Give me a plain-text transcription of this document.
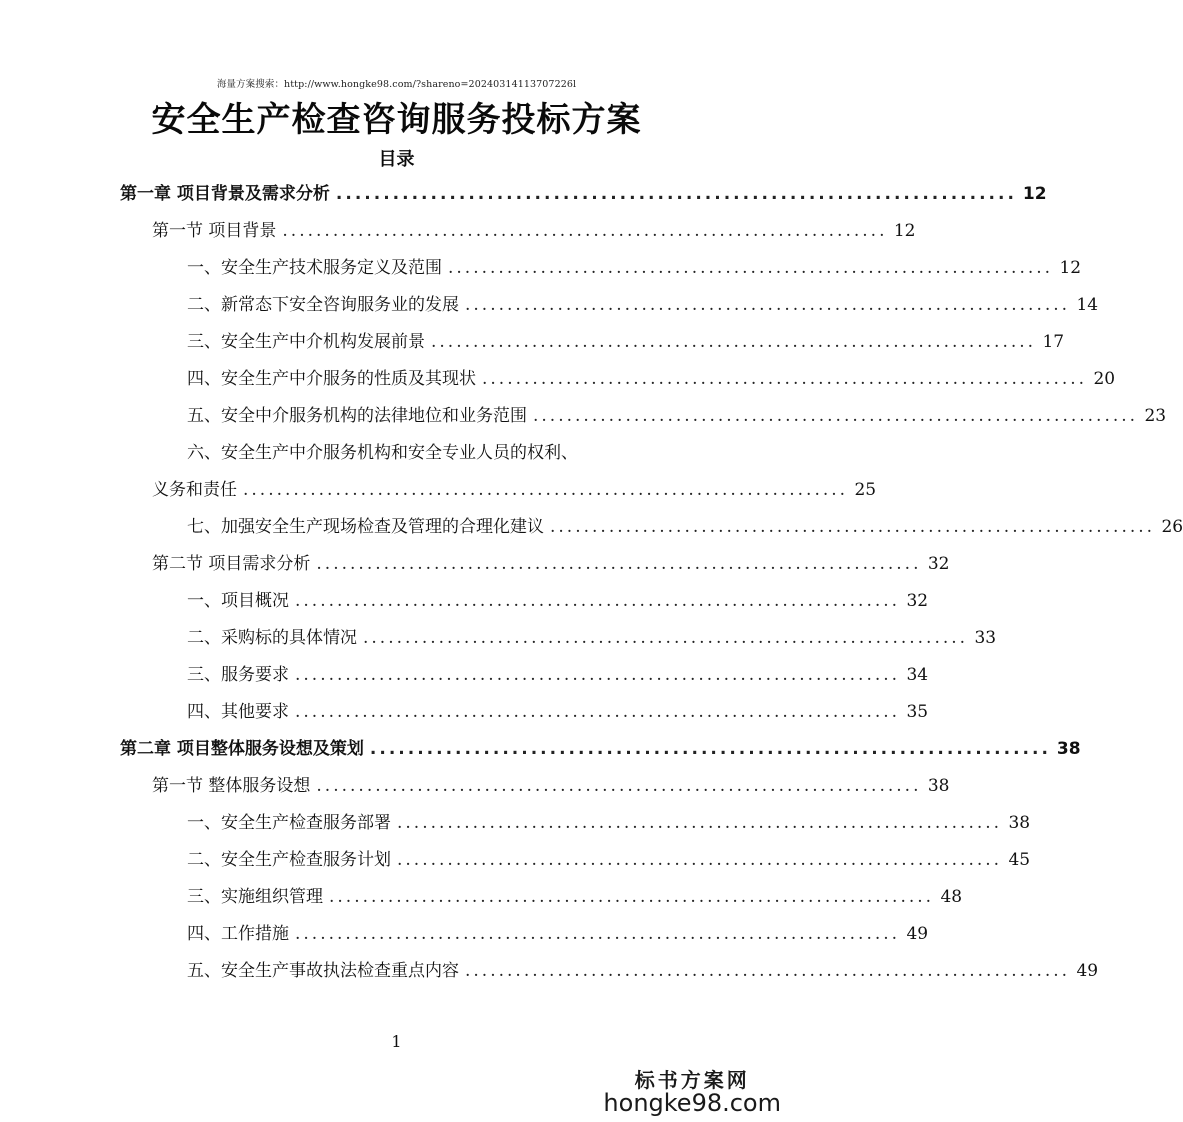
海量方案搜索：http://www.hongke98.com/?shareno=20240314113707226l
安全生产检查咨询服务投标方案
目录
第一章 项目背景及需求分析 ........................................................................ 12
第一节 项目背景 ........................................................................ 12
一、安全生产技术服务定义及范围 ........................................................................ 12
二、新常态下安全咨询服务业的发展 ........................................................................ 14
三、安全生产中介机构发展前景 ........................................................................ 17
四、安全生产中介服务的性质及其现状 ........................................................................ 20
五、安全中介服务机构的法律地位和业务范围 ........................................................................ 23
六、安全生产中介服务机构和安全专业人员的权利、
义务和责任 ........................................................................ 25
七、加强安全生产现场检查及管理的合理化建议 ........................................................................ 26
第二节 项目需求分析 ........................................................................ 32
一、项目概况 ........................................................................ 32
二、采购标的具体情况 ........................................................................ 33
三、服务要求 ........................................................................ 34
四、其他要求 ........................................................................ 35
第二章 项目整体服务设想及策划 ........................................................................ 38
第一节 整体服务设想 ........................................................................ 38
一、安全生产检查服务部署 ........................................................................ 38
二、安全生产检查服务计划 ........................................................................ 45
三、实施组织管理 ........................................................................ 48
四、工作措施 ........................................................................ 49
五、安全生产事故执法检查重点内容 ........................................................................ 49
1
标书方案网
hongke98.com
